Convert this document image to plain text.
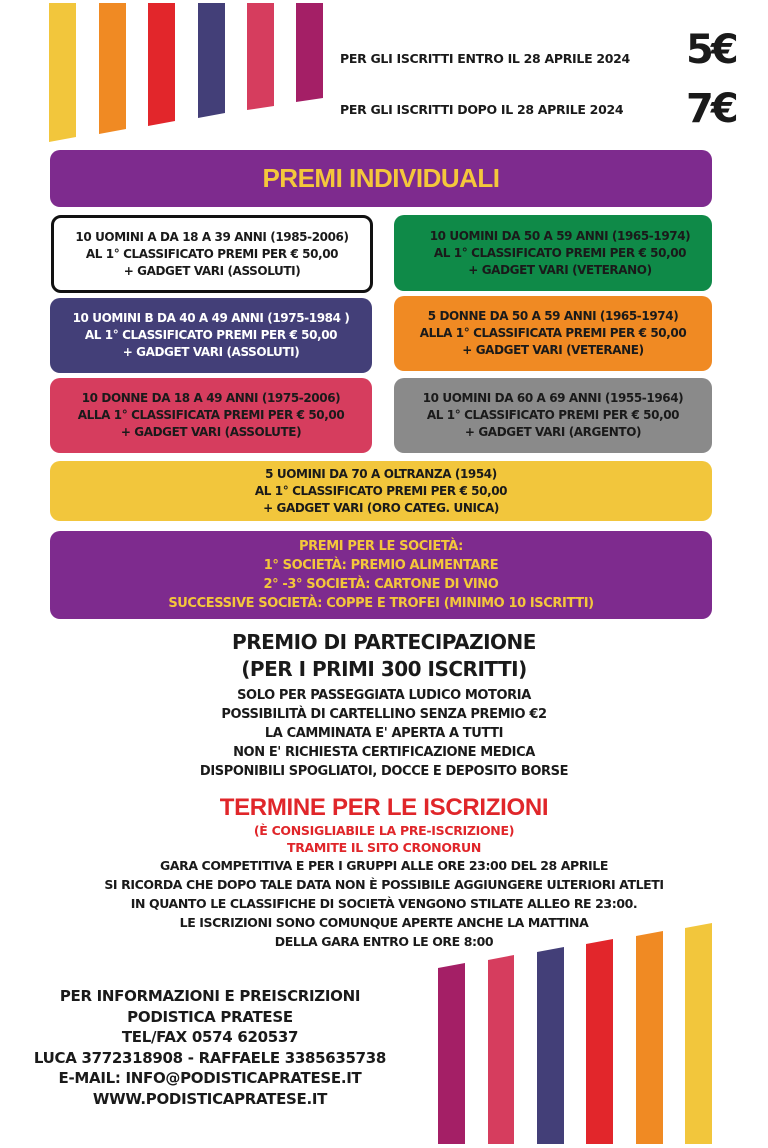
PER GLI ISCRITTI ENTRO IL 28 APRILE 2024 5€
PER GLI ISCRITTI DOPO IL 28 APRILE 2024 7€
PREMI INDIVIDUALI
10 UOMINI A DA 18 A 39 ANNI (1985-2006)
AL 1° CLASSIFICATO PREMI PER € 50,00
+ GADGET VARI (ASSOLUTI)
10 UOMINI DA 50 A 59 ANNI (1965-1974)
AL 1° CLASSIFICATO PREMI PER € 50,00
+ GADGET VARI (VETERANO)
10 UOMINI B DA 40 A 49 ANNI (1975-1984 )
AL 1° CLASSIFICATO PREMI PER € 50,00
+ GADGET VARI (ASSOLUTI)
5 DONNE DA 50 A 59 ANNI (1965-1974)
ALLA 1° CLASSIFICATA PREMI PER € 50,00
+ GADGET VARI (VETERANE)
10 DONNE DA 18 A 49 ANNI (1975-2006)
ALLA 1° CLASSIFICATA PREMI PER € 50,00
+ GADGET VARI (ASSOLUTE)
10 UOMINI DA 60 A 69 ANNI (1955-1964)
AL 1° CLASSIFICATO PREMI PER € 50,00
+ GADGET VARI (ARGENTO)
5 UOMINI DA 70 A OLTRANZA (1954)
AL 1° CLASSIFICATO PREMI PER € 50,00
+ GADGET VARI (ORO CATEG. UNICA)
PREMI PER LE SOCIETÀ:
1° SOCIETÀ: PREMIO ALIMENTARE
2° -3° SOCIETÀ: CARTONE DI VINO
SUCCESSIVE SOCIETÀ: COPPE E TROFEI (MINIMO 10 ISCRITTI)
PREMIO DI PARTECIPAZIONE
(PER I PRIMI 300 ISCRITTI)
SOLO PER PASSEGGIATA LUDICO MOTORIA
POSSIBILITÀ DI CARTELLINO SENZA PREMIO €2
LA CAMMINATA E' APERTA A TUTTI
NON E' RICHIESTA CERTIFICAZIONE MEDICA
DISPONIBILI SPOGLIATOI, DOCCE E DEPOSITO BORSE
TERMINE PER LE ISCRIZIONI
(È CONSIGLIABILE LA PRE-ISCRIZIONE)
TRAMITE IL SITO CRONORUN
GARA COMPETITIVA E PER I GRUPPI ALLE ORE 23:00 DEL 28 APRILE
SI RICORDA CHE DOPO TALE DATA NON È POSSIBILE AGGIUNGERE ULTERIORI ATLETI
IN QUANTO LE CLASSIFICHE DI SOCIETÀ VENGONO STILATE ALLEO RE 23:00.
LE ISCRIZIONI SONO COMUNQUE APERTE ANCHE LA MATTINA
DELLA GARA ENTRO LE ORE 8:00
PER INFORMAZIONI E PREISCRIZIONI
PODISTICA PRATESE
TEL/FAX 0574 620537
LUCA 3772318908 - RAFFAELE 3385635738
E-MAIL: INFO@PODISTICAPRATESE.IT
WWW.PODISTICAPRATESE.IT
